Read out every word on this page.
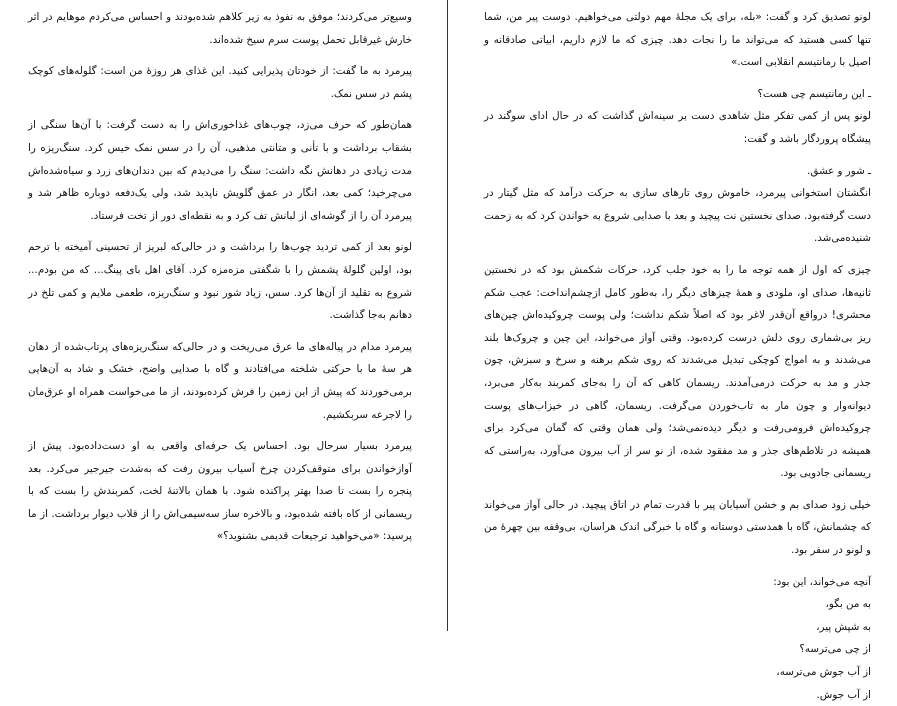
وسیع‌تر می‌کردند؛ موفق به نفوذ به زیر کلاهم شده‌بودند و احساس می‌کردم موهایم در اثر خارش غیرقابل تحمل پوست سرم سیخ شده‌اند.

پیرمرد به ما گفت: از خودتان پذیرایی کنید. این غذای هر روزهٔ من است: گلوله‌های کوچک پشم در سس نمک.

همان‌طور که حرف می‌زد، چوب‌های غذاخوری‌اش را به دست گرفت: با آن‌ها سنگی از بشقاب برداشت و با تأنی و متانتی مذهبی، آن را در سس نمک خیس کرد. سنگ‌ریزه را مدت زیادی در دهانش نگه داشت: سنگ را می‌دیدم که بین دندان‌های زرد و سیاه‌شده‌اش می‌چرخید؛ کمی بعد، انگار در عمق گلویش ناپدید شد، ولی یک‌دفعه دوباره ظاهر شد و پیرمرد آن را از گوشه‌ای از لبانش تف کرد و به نقطه‌ای دور از تخت فرستاد.

لونو بعد از کمی تردید چوب‌ها را برداشت و در حالی‌که لبریز از تحسینی آمیخته با ترحم بود، اولین گلولهٔ پشمش را با شگفتی مزه‌مزه کرد. آقای اهل بای پینگ... که من بودم... شروع به تقلید از آن‌ها کرد. سس، زیاد شور نبود و سنگ‌ریزه، طعمی ملایم و کمی تلخ در دهانم به‌جا گذاشت.

پیرمرد مدام در پیاله‌های ما عرق می‌ریخت و در حالی‌که سنگ‌ریزه‌های پرتاب‌شده از دهان هر سهٔ ما با حرکتی شلخته می‌افتادند و گاه با صدایی واضح، خشک و شاد به آن‌هایی برمی‌خوردند که پیش از این زمین را فرش کرده‌بودند، از ما می‌خواست همراه او عرق‌مان را لاجرعه سربکشیم.

پیرمرد بسیار سرحال بود. احساس یک حرفه‌ای واقعی به او دست‌داده‌بود. پیش از آوازخواندن برای متوقف‌کردن چرخ آسیاب بیرون رفت که به‌شدت جیرجیر می‌کرد. بعد پنجره را بست تا صدا بهتر پراکنده شود. با همان بالاتنهٔ لخت، کمربندش را بست که با ریسمانی از کاه بافته شده‌بود، و بالاخره ساز سه‌سیمی‌اش را از قلاب دیوار برداشت. از ما پرسید: «می‌خواهید ترجیعات قدیمی بشنوید؟»

لونو تصدیق کرد و گفت: «بله، برای یک مجلهٔ مهم دولتی می‌خواهیم. دوست پیر من، شما تنها کسی هستید که می‌تواند ما را نجات دهد. چیزی که ما لازم داریم، ابیاتی صادقانه و اصیل با رمانتیسم انقلابی است.»

ـ این رمانتیسم چی هست؟

لونو پس از کمی تفکر مثل شاهدی دست بر سینه‌اش گذاشت که در حال ادای سوگند در پیشگاه پروردگار باشد و گفت:

ـ شور و عشق.

انگشتان استخوانی پیرمرد، خاموش روی تارهای سازی به حرکت درآمد که مثل گیتار در دست گرفته‌بود. صدای نخستین نت پیچید و بعد با صدایی شروع به خواندن کرد که به زحمت شنیده‌می‌شد.

چیزی که اول از همه توجه ما را به خود جلب کرد، حرکات شکمش بود که در نخستین ثانیه‌ها، صدای او، ملودی و همهٔ چیزهای دیگر را، به‌طور کامل ازچشم‌انداخت: عجب شکم محشری! درواقع آن‌قدر لاغر بود که اصلاً شکم نداشت؛ ولی پوست چروکیده‌اش چین‌های ریز بی‌شماری روی دلش درست کرده‌بود. وقتی آواز می‌خواند، این چین و چروک‌ها بلند می‌شدند و به امواج کوچکی تبدیل می‌شدند که روی شکم برهنه و سرخ و سبزش، چون جذر و مد به حرکت درمی‌آمدند. ریسمان کاهی که آن را به‌جای کمربند به‌کار می‌برد، دیوانه‌وار و چون مار به تاب‌خوردن می‌گرفت. ریسمان، گاهی در خیزاب‌های پوست چروکیده‌اش فرومی‌رفت و دیگر دیده‌نمی‌شد؛ ولی همان وقتی که گمان می‌کرد برای همیشه در تلاطم‌های جذر و مد مفقود شده، از نو سر از آب بیرون می‌آورد، به‌راستی که ریسمانی جادویی بود.

خیلی زود صدای بم و خشن آسیابان پیر با قدرت تمام در اتاق پیچید. در حالی آواز می‌خواند که چشمانش، گاه با همدستی دوستانه و گاه با خبرگی اندک هراسان، بی‌وقفه بین چهرهٔ من و لونو در سفر بود.

آنچه می‌خواند، این بود:

به من بگو،

به شپش پیر،

از چی می‌ترسه؟

از آب جوش می‌ترسه،

از آب جوش.
